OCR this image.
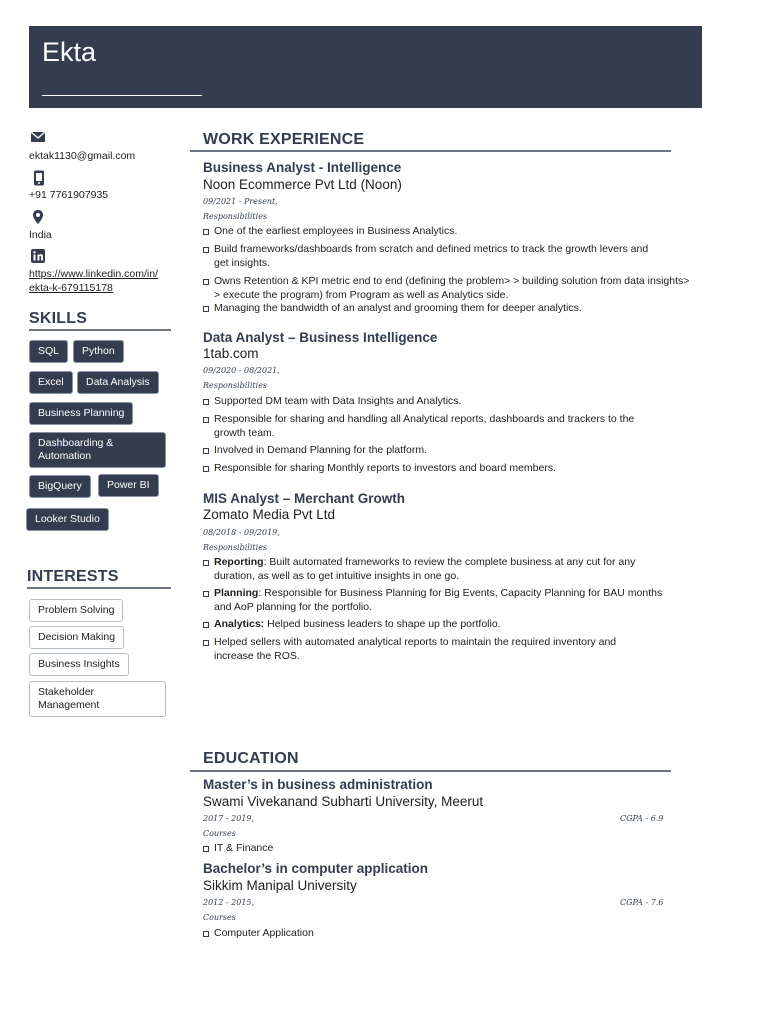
Ekta
MBA in IT, with 5+ years of experience in business Intelligence analytics.
ektak1130@gmail.com
+91 7761907935
India
https://www.linkedin.com/in/
ekta-k-679115178
SKILLS
SQL	Python
Excel	Data Analysis
Business Planning
Dashboarding &
Automation
BigQuery	Power BI
Looker Studio
INTERESTS
Problem Solving
Decision Making
Business Insights
Stakeholder
Management
WORK EXPERIENCE
Business Analyst - Intelligence
Noon Ecommerce Pvt Ltd (Noon)
09/2021 - Present,
Responsibilities
One of the earliest employees in Business Analytics.
Build frameworks/dashboards from scratch and defined metrics to track the growth levers and
get insights.
Owns Retention & KPI metric end to end (defining the problem> > building solution from data insights>
> execute the program) from Program as well as Analytics side.
Managing the bandwidth of an analyst and grooming them for deeper analytics.
Data Analyst – Business Intelligence
1tab.com
09/2020 - 08/2021,
Responsibilities
Supported DM team with Data Insights and Analytics.
Responsible for sharing and handling all Analytical reports, dashboards and trackers to the
growth team.
Involved in Demand Planning for the platform.
Responsible for sharing Monthly reports to investors and board members.
MIS Analyst – Merchant Growth
Zomato Media Pvt Ltd
08/2018 - 09/2019,
Responsibilities
Reporting: Built automated frameworks to review the complete business at any cut for any
duration, as well as to get intuitive insights in one go.
Planning: Responsible for Business Planning for Big Events, Capacity Planning for BAU months
and AoP planning for the portfolio.
Analytics: Helped business leaders to shape up the portfolio.
Helped sellers with automated analytical reports to maintain the required inventory and
increase the ROS.
EDUCATION
Master’s in business administration
Swami Vivekanand Subharti University, Meerut
2017 - 2019,	CGPA - 6.9
Courses
IT & Finance
Bachelor’s in computer application
Sikkim Manipal University
2012 - 2015,	CGPA - 7.6
Courses
Computer Application
